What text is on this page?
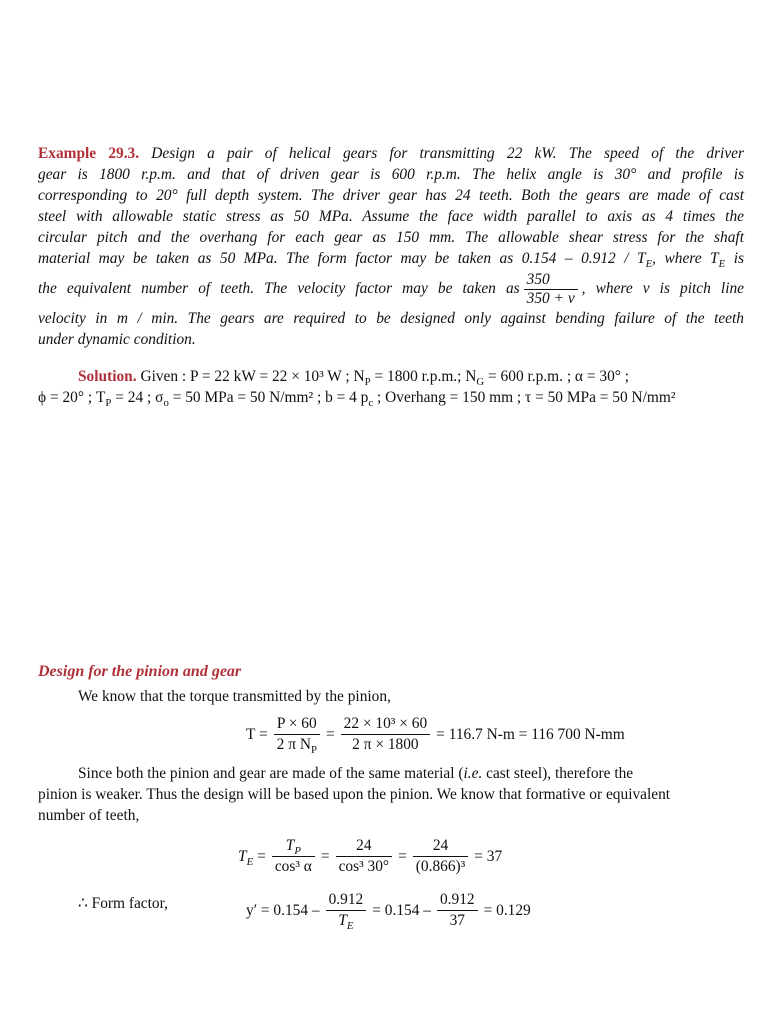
Example 29.3. Design a pair of helical gears for transmitting 22 kW. The speed of the driver
gear is 1800 r.p.m. and that of driven gear is 600 r.p.m. The helix angle is 30° and profile is
corresponding to 20° full depth system. The driver gear has 24 teeth. Both the gears are made of cast
steel with allowable static stress as 50 MPa. Assume the face width parallel to axis as 4 times the
circular pitch and the overhang for each gear as 150 mm. The allowable shear stress for the shaft
material may be taken as 50 MPa. The form factor may be taken as $0.154 - 0.912 / T_E$, where $T_E$ is
the equivalent number of teeth. The velocity factor may be taken as $\frac{350}{350 + v}$ , where v is pitch line
velocity in m / min. The gears are required to be designed only against bending failure of the teeth
under dynamic condition.
Solution. Given : P = 22 kW = 22 × 10³ W ; $N_P = 1800$ r.p.m.; $N_G = 600$ r.p.m. ; α = 30° ;
ϕ = 20° ; $T_P = 24$ ; $\sigma_o = 50$ MPa = 50 N/mm² ; b = 4 $p_c$ ; Overhang = 150 mm ; τ = 50 MPa = 50 N/mm²
Design for the pinion and gear
We know that the torque transmitted by the pinion,
$T = \frac{P \times 60}{2 \pi N_P} = \frac{\text{22 × 10³ × 60}}{2 \pi \times 1800} = 116.7$ N-m = 116 700 N-mm
Since both the pinion and gear are made of the same material (i.e. cast steel), therefore the
pinion is weaker. Thus the design will be based upon the pinion. We know that formative or equivalent
number of teeth,
$T_E = \frac{T_P}{\text{cos³ α}} = \frac{24}{\text{cos³ 30°}} = \frac{24}{\text{(0.866)³}} = 37$
∴ Form factor,	$y' = 0.154 - \frac{0.912}{T_E} = 0.154 - \frac{0.912}{37} = 0.129$
